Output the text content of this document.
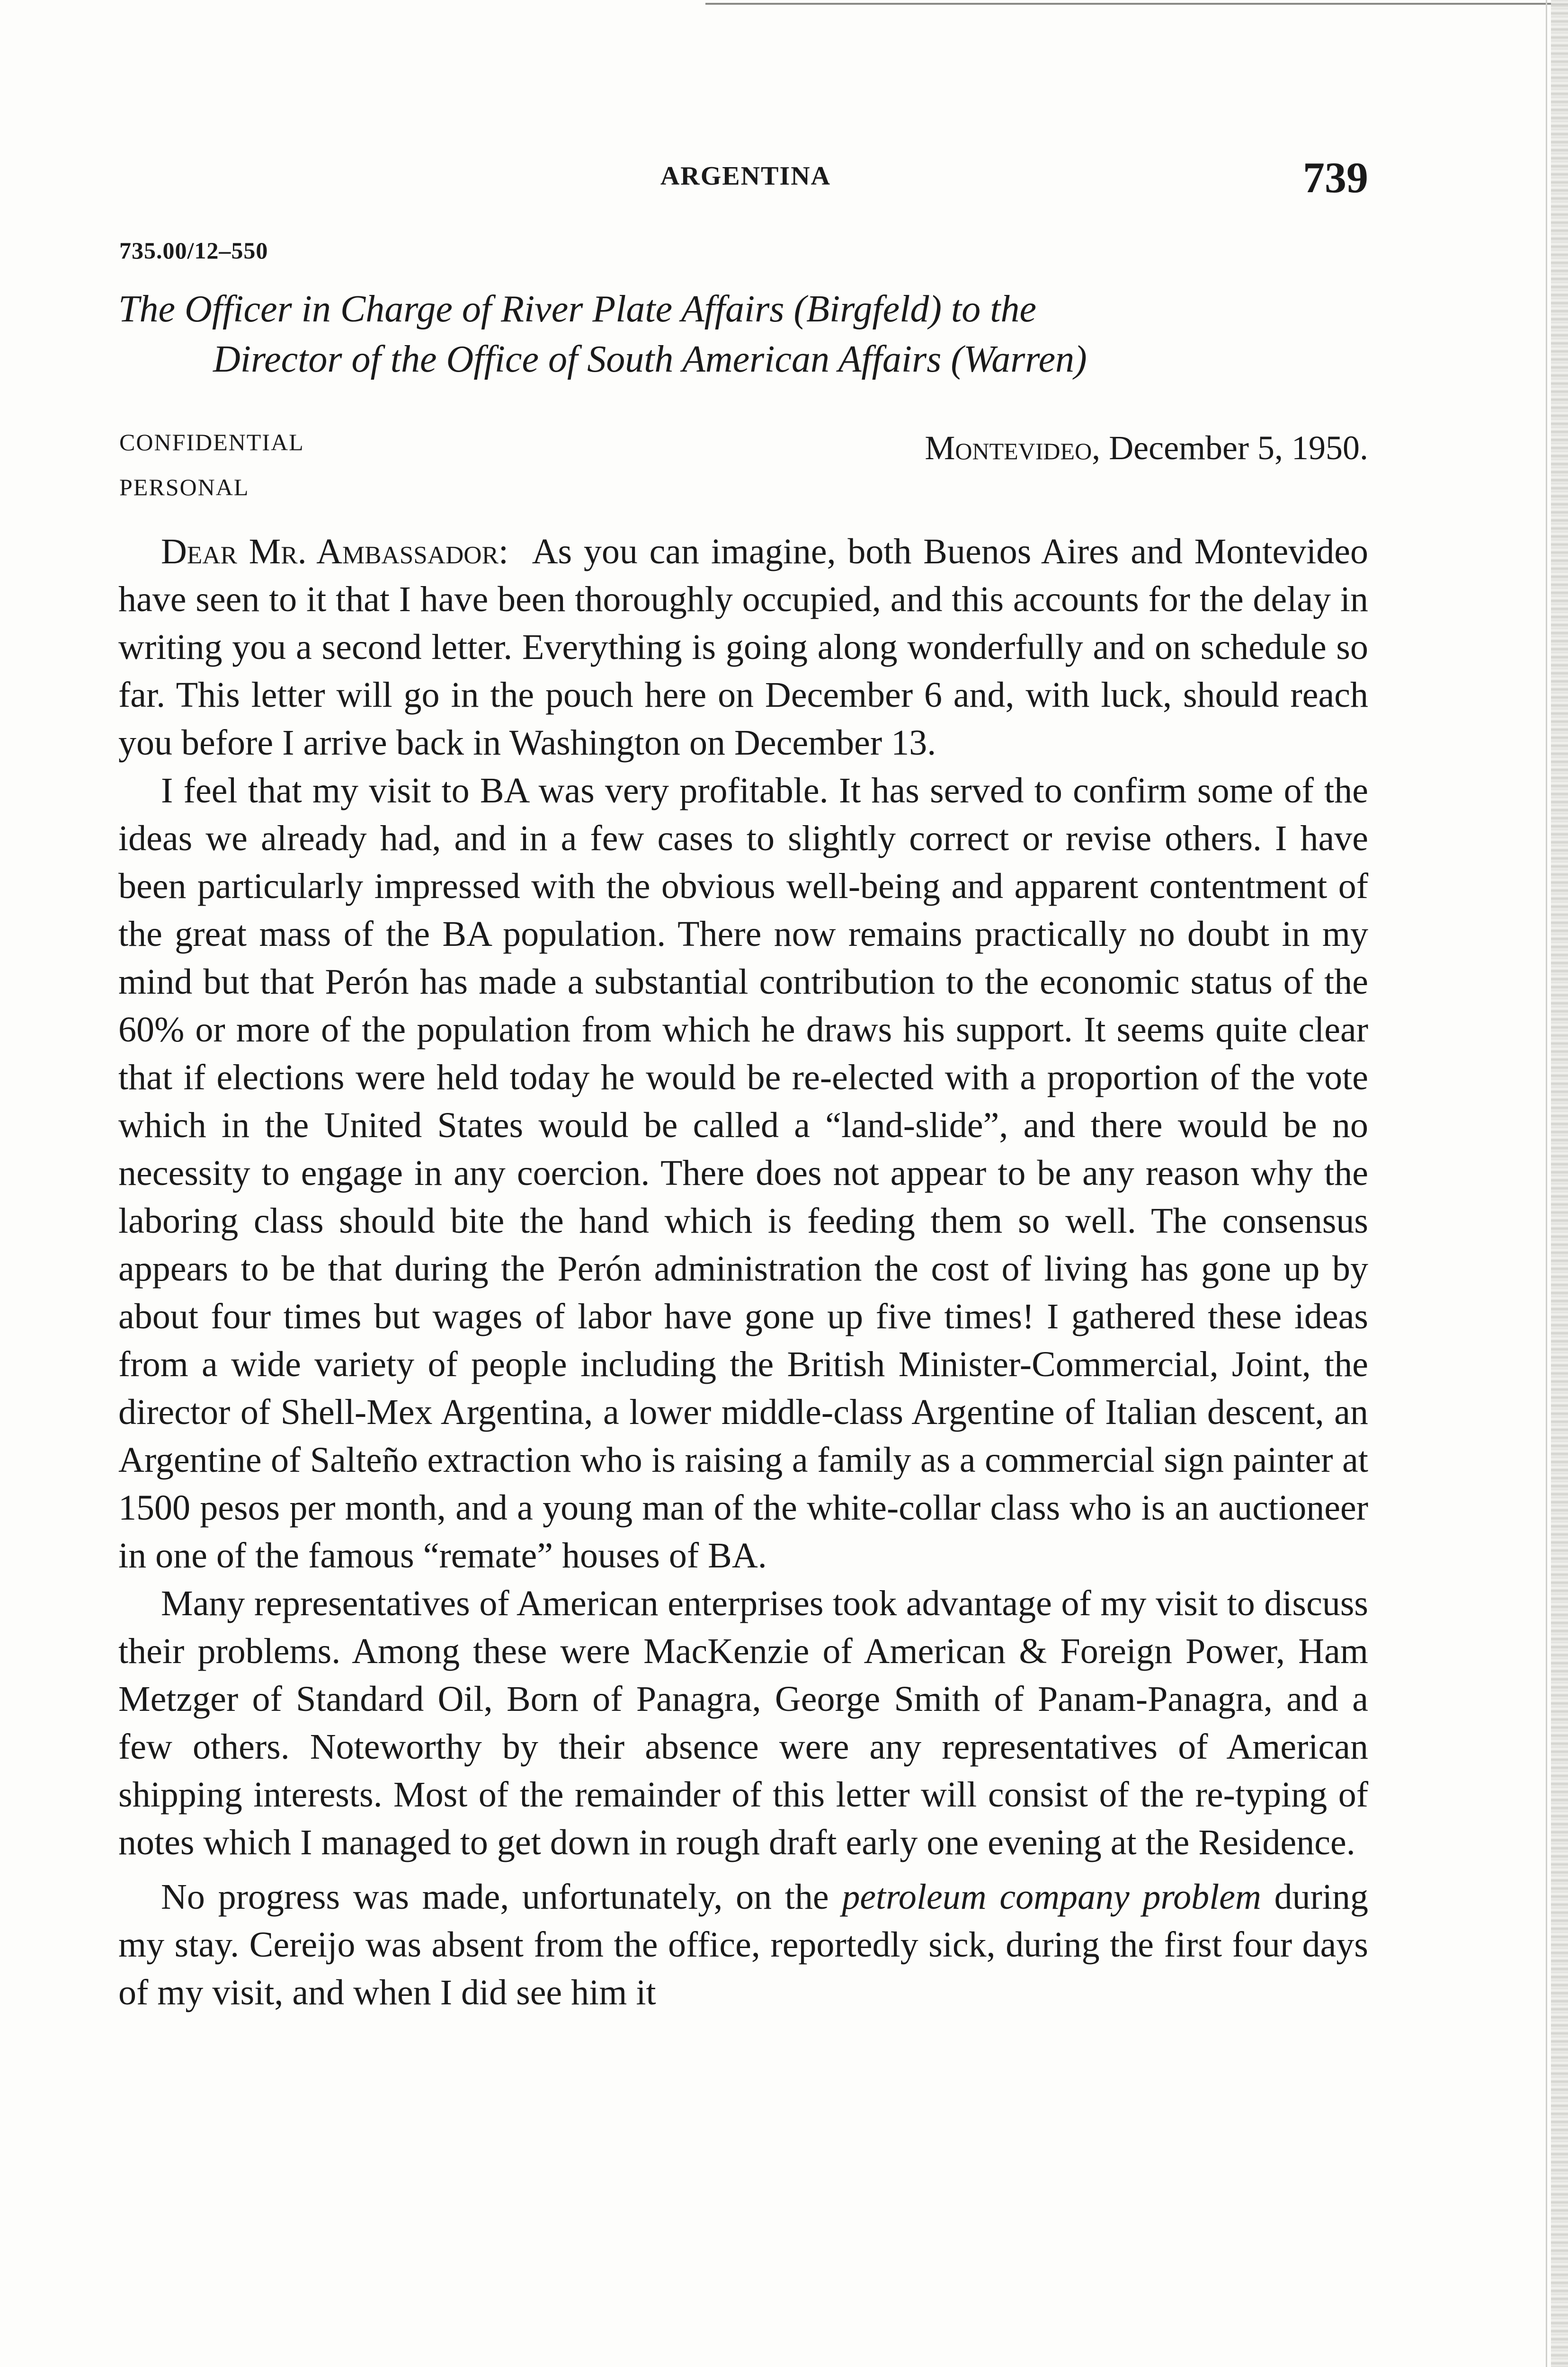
ARGENTINA	739
735.00/12–550
The Officer in Charge of River Plate Affairs (Birgfeld) to the
Director of the Office of South American Affairs (Warren)
CONFIDENTIAL
PERSONAL
Montevideo, December 5, 1950.

Dear Mr. Ambassador: As you can imagine, both Buenos Aires and Montevideo have seen to it that I have been thoroughly occupied, and this accounts for the delay in writing you a second letter. Everything is going along wonderfully and on schedule so far. This letter will go in the pouch here on December 6 and, with luck, should reach you before I arrive back in Washington on December 13.

I feel that my visit to BA was very profitable. It has served to confirm some of the ideas we already had, and in a few cases to slightly correct or revise others. I have been particularly impressed with the obvious well-being and apparent contentment of the great mass of the BA population. There now remains practically no doubt in my mind but that Perón has made a substantial contribution to the economic status of the 60% or more of the population from which he draws his support. It seems quite clear that if elections were held today he would be re-elected with a proportion of the vote which in the United States would be called a “land-slide”, and there would be no necessity to engage in any coercion. There does not appear to be any reason why the laboring class should bite the hand which is feeding them so well. The consensus appears to be that during the Perón administration the cost of living has gone up by about four times but wages of labor have gone up five times! I gathered these ideas from a wide variety of people including the British Minister-Commercial, Joint, the director of Shell-Mex Argentina, a lower middle-class Argentine of Italian descent, an Argentine of Salteño extraction who is raising a family as a commercial sign painter at 1500 pesos per month, and a young man of the white-collar class who is an auctioneer in one of the famous “remate” houses of BA.

Many representatives of American enterprises took advantage of my visit to discuss their problems. Among these were MacKenzie of American & Foreign Power, Ham Metzger of Standard Oil, Born of Panagra, George Smith of Panam-Panagra, and a few others. Noteworthy by their absence were any representatives of American shipping interests. Most of the remainder of this letter will consist of the re-typing of notes which I managed to get down in rough draft early one evening at the Residence.

No progress was made, unfortunately, on the petroleum company problem during my stay. Cereijo was absent from the office, reportedly sick, during the first four days of my visit, and when I did see him it
